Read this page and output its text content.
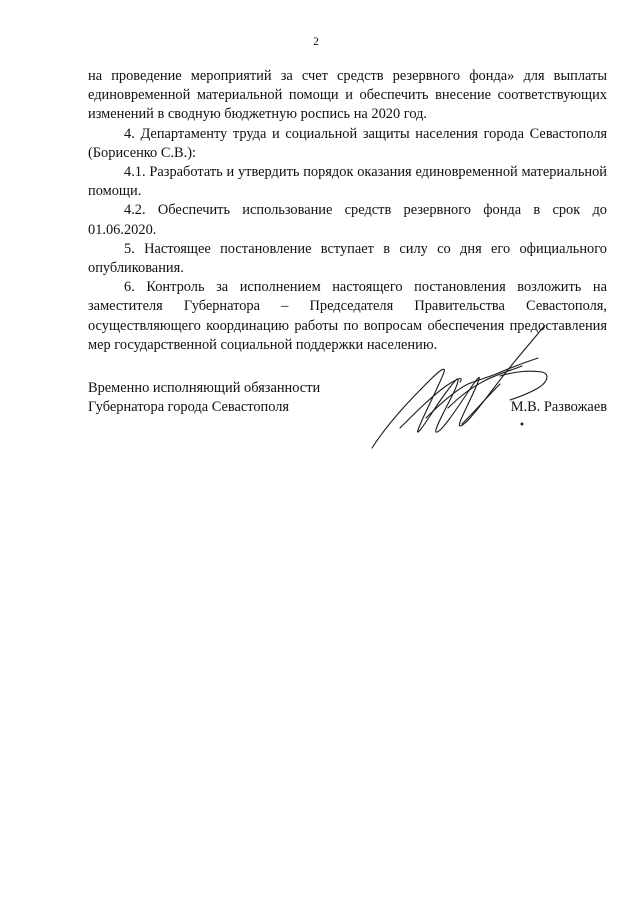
2

на проведение мероприятий за счет средств резервного фонда» для выплаты единовременной материальной помощи и обеспечить внесение соответствующих изменений в сводную бюджетную роспись на 2020 год.

4. Департаменту труда и социальной защиты населения города Севастополя (Борисенко С.В.):

4.1. Разработать и утвердить порядок оказания единовременной материальной помощи.

4.2. Обеспечить использование средств резервного фонда в срок до 01.06.2020.

5. Настоящее постановление вступает в силу со дня его официального опубликования.

6. Контроль за исполнением настоящего постановления возложить на заместителя Губернатора – Председателя Правительства Севастополя, осуществляющего координацию работы по вопросам обеспечения предоставления мер государственной социальной поддержки населению.

Временно исполняющий обязанности
Губернатора города Севастополя	М.В. Развожаев
